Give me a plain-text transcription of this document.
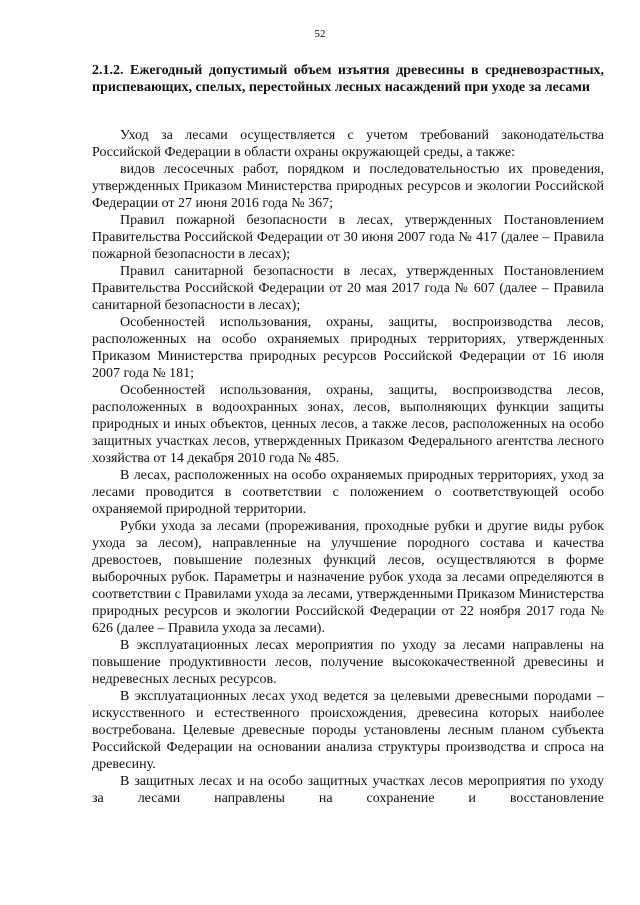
52
2.1.2. Ежегодный допустимый объем изъятия древесины в средневозрастных, приспевающих, спелых, перестойных лесных насаждений при уходе за лесами

Уход за лесами осуществляется с учетом требований законодательства Российской Федерации в области охраны окружающей среды, а также:

видов лесосечных работ, порядком и последовательностью их проведения, утвержденных Приказом Министерства природных ресурсов и экологии Российской Федерации от 27 июня 2016 года № 367;

Правил пожарной безопасности в лесах, утвержденных Постановлением Правительства Российской Федерации от 30 июня 2007 года № 417 (далее – Правила пожарной безопасности в лесах);

Правил санитарной безопасности в лесах, утвержденных Постановлением Правительства Российской Федерации от 20 мая 2017 года № 607 (далее – Правила санитарной безопасности в лесах);

Особенностей использования, охраны, защиты, воспроизводства лесов, расположенных на особо охраняемых природных территориях, утвержденных Приказом Министерства природных ресурсов Российской Федерации от 16 июля 2007 года № 181;

Особенностей использования, охраны, защиты, воспроизводства лесов, расположенных в водоохранных зонах, лесов, выполняющих функции защиты природных и иных объектов, ценных лесов, а также лесов, расположенных на особо защитных участках лесов, утвержденных Приказом Федерального агентства лесного хозяйства от 14 декабря 2010 года № 485.

В лесах, расположенных на особо охраняемых природных территориях, уход за лесами проводится в соответствии с положением о соответствующей особо охраняемой природной территории.

Рубки ухода за лесами (прореживания, проходные рубки и другие виды рубок ухода за лесом), направленные на улучшение породного состава и качества древостоев, повышение полезных функций лесов, осуществляются в форме выборочных рубок. Параметры и назначение рубок ухода за лесами определяются в соответствии с Правилами ухода за лесами, утвержденными Приказом Министерства природных ресурсов и экологии Российской Федерации от 22 ноября 2017 года № 626 (далее – Правила ухода за лесами).

В эксплуатационных лесах мероприятия по уходу за лесами направлены на повышение продуктивности лесов, получение высококачественной древесины и недревесных лесных ресурсов.

В эксплуатационных лесах уход ведется за целевыми древесными породами – искусственного и естественного происхождения, древесина которых наиболее востребована. Целевые древесные породы установлены лесным планом субъекта Российской Федерации на основании анализа структуры производства и спроса на древесину.

В защитных лесах и на особо защитных участках лесов мероприятия по уходу за лесами направлены на сохранение и восстановление
